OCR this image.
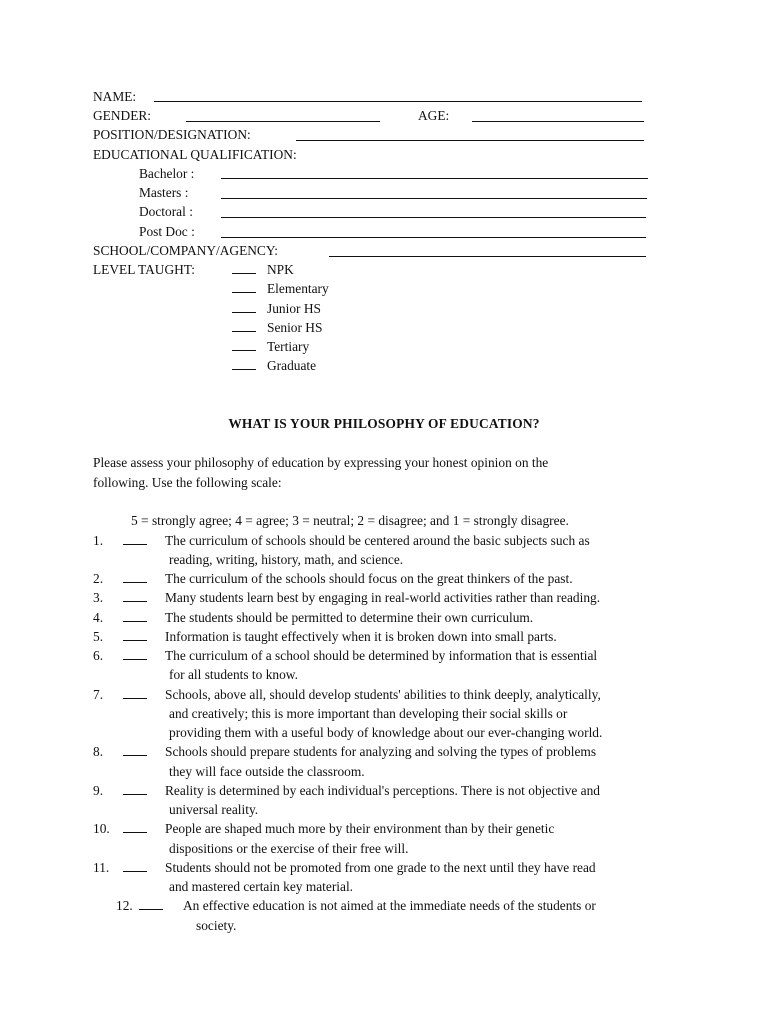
NAME:
GENDER:	AGE:
POSITION/DESIGNATION:
EDUCATIONAL QUALIFICATION:
Bachelor :
Masters :
Doctoral :
Post Doc :
SCHOOL/COMPANY/AGENCY:
LEVEL TAUGHT:	NPK
Elementary
Junior HS
Senior HS
Tertiary
Graduate
WHAT IS YOUR PHILOSOPHY OF EDUCATION?
Please assess your philosophy of education by expressing your honest opinion on the
following. Use the following scale:
5 = strongly agree; 4 = agree; 3 = neutral; 2 = disagree; and 1 = strongly disagree.
1.	The curriculum of schools should be centered around the basic subjects such as
reading, writing, history, math, and science.
2.	The curriculum of the schools should focus on the great thinkers of the past.
3.	Many students learn best by engaging in real-world activities rather than reading.
4.	The students should be permitted to determine their own curriculum.
5.	Information is taught effectively when it is broken down into small parts.
6.	The curriculum of a school should be determined by information that is essential
for all students to know.
7.	Schools, above all, should develop students' abilities to think deeply, analytically,
and creatively; this is more important than developing their social skills or
providing them with a useful body of knowledge about our ever-changing world.
8.	Schools should prepare students for analyzing and solving the types of problems
they will face outside the classroom.
9.	Reality is determined by each individual's perceptions. There is not objective and
universal reality.
10.	People are shaped much more by their environment than by their genetic
dispositions or the exercise of their free will.
11.	Students should not be promoted from one grade to the next until they have read
and mastered certain key material.
12.	An effective education is not aimed at the immediate needs of the students or
society.
